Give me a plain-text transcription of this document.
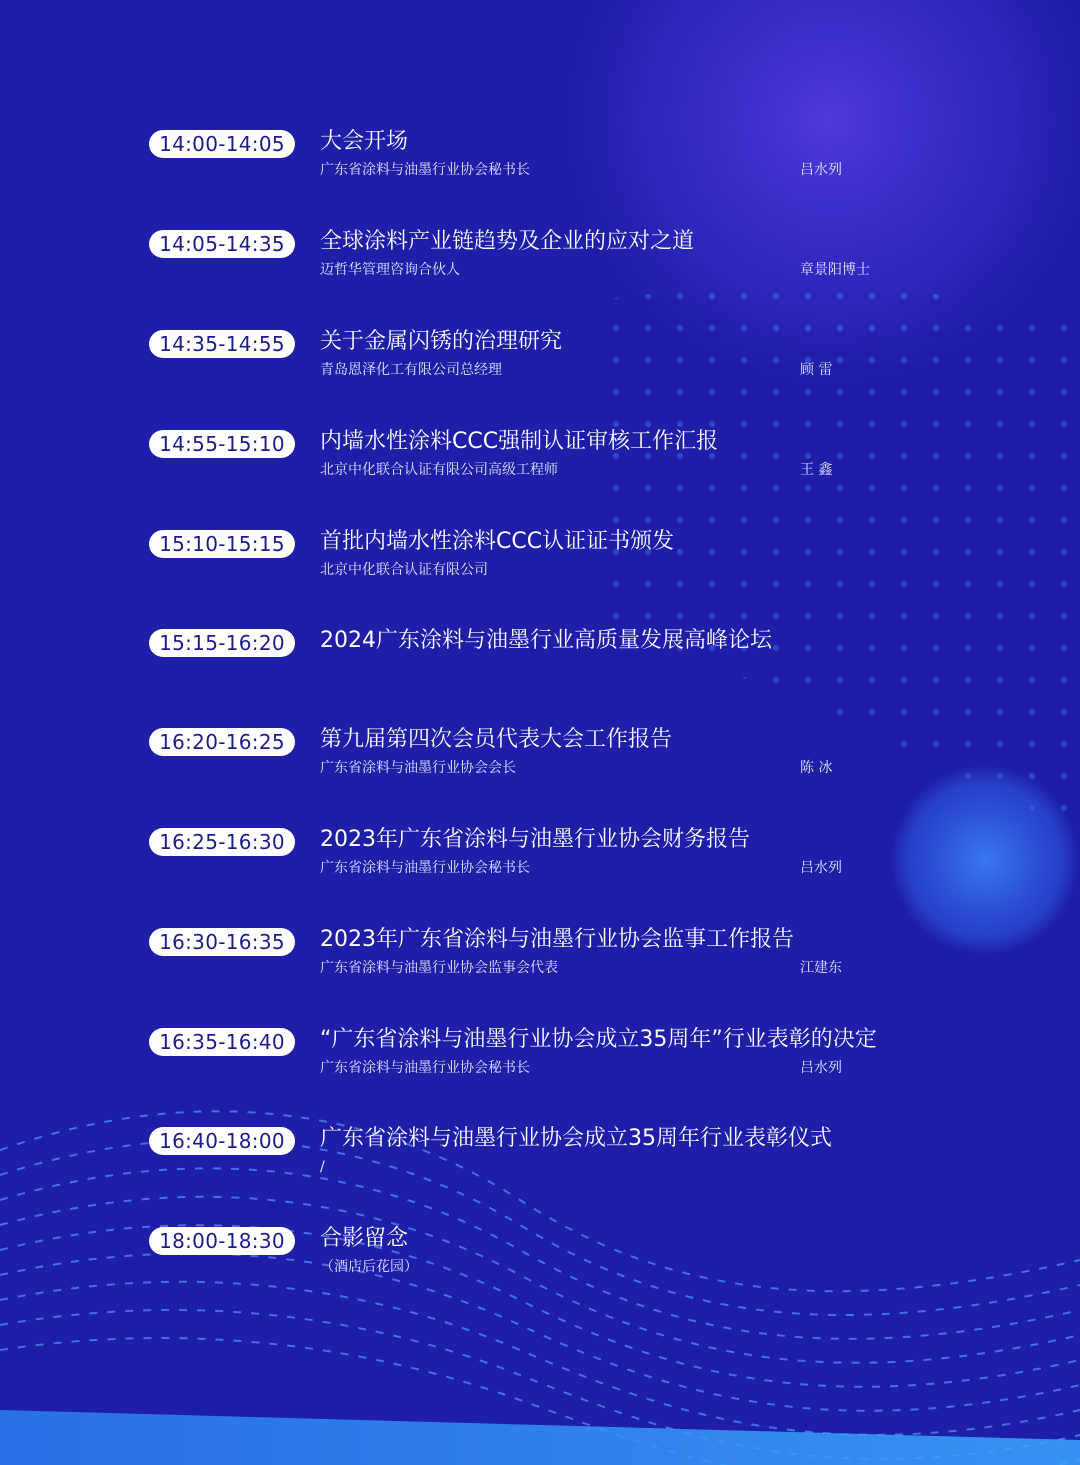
14:00-14:05	大会开场
广东省涂料与油墨行业协会秘书长	吕水列
14:05-14:35	全球涂料产业链趋势及企业的应对之道
迈哲华管理咨询合伙人	章景阳博士
14:35-14:55	关于金属闪锈的治理研究
青岛恩泽化工有限公司总经理	顾 雷
14:55-15:10	内墙水性涂料CCC强制认证审核工作汇报
北京中化联合认证有限公司高级工程师	王 鑫
15:10-15:15	首批内墙水性涂料CCC认证证书颁发
北京中化联合认证有限公司
15:15-16:20	2024广东涂料与油墨行业高质量发展高峰论坛
16:20-16:25	第九届第四次会员代表大会工作报告
广东省涂料与油墨行业协会会长	陈 冰
16:25-16:30	2023年广东省涂料与油墨行业协会财务报告
广东省涂料与油墨行业协会秘书长	吕水列
16:30-16:35	2023年广东省涂料与油墨行业协会监事工作报告
广东省涂料与油墨行业协会监事会代表	江建东
16:35-16:40	“广东省涂料与油墨行业协会成立35周年”行业表彰的决定
广东省涂料与油墨行业协会秘书长	吕水列
16:40-18:00	广东省涂料与油墨行业协会成立35周年行业表彰仪式
/
18:00-18:30	合影留念
（酒店后花园）
